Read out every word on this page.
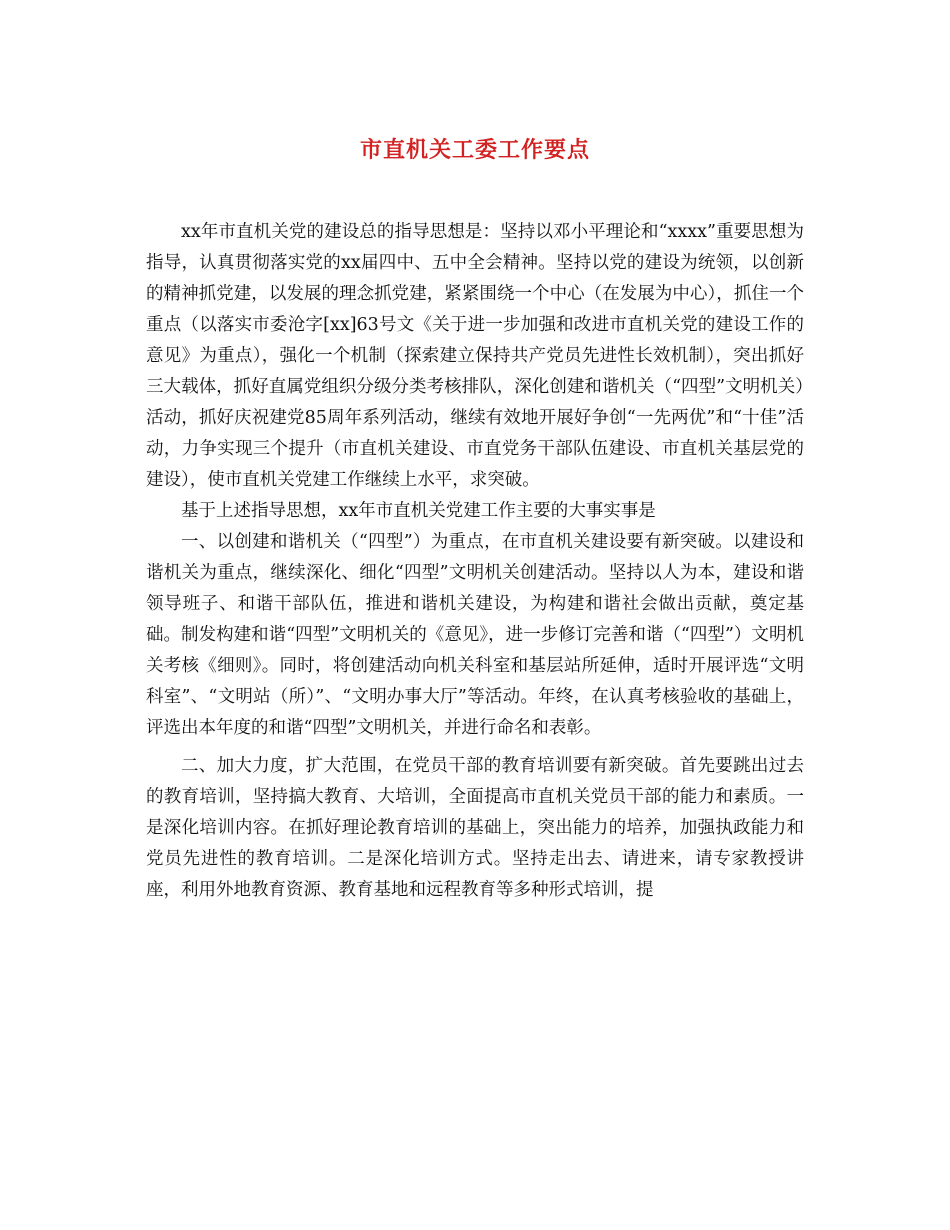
市直机关工委工作要点

xx年市直机关党的建设总的指导思想是：坚持以邓小平理论和“xxxx”重要思想为指导，认真贯彻落实党的xx届四中、五中全会精神。坚持以党的建设为统领，以创新的精神抓党建，以发展的理念抓党建，紧紧围绕一个中心（在发展为中心），抓住一个重点（以落实市委沧字[xx]63号文《关于进一步加强和改进市直机关党的建设工作的意见》为重点），强化一个机制（探索建立保持共产党员先进性长效机制），突出抓好三大载体，抓好直属党组织分级分类考核排队，深化创建和谐机关（“四型”文明机关）活动，抓好庆祝建党85周年系列活动，继续有效地开展好争创“一先两优”和“十佳”活动，力争实现三个提升（市直机关建设、市直党务干部队伍建设、市直机关基层党的建设），使市直机关党建工作继续上水平，求突破。

基于上述指导思想，xx年市直机关党建工作主要的大事实事是

一、以创建和谐机关（“四型”）为重点，在市直机关建设要有新突破。以建设和谐机关为重点，继续深化、细化“四型”文明机关创建活动。坚持以人为本，建设和谐领导班子、和谐干部队伍，推进和谐机关建设，为构建和谐社会做出贡献，奠定基础。制发构建和谐“四型”文明机关的《意见》，进一步修订完善和谐（“四型”）文明机关考核《细则》。同时，将创建活动向机关科室和基层站所延伸，适时开展评选“文明科室”、“文明站（所）”、“文明办事大厅”等活动。年终，在认真考核验收的基础上，评选出本年度的和谐“四型”文明机关，并进行命名和表彰。

二、加大力度，扩大范围，在党员干部的教育培训要有新突破。首先要跳出过去的教育培训，坚持搞大教育、大培训，全面提高市直机关党员干部的能力和素质。一是深化培训内容。在抓好理论教育培训的基础上，突出能力的培养，加强执政能力和党员先进性的教育培训。二是深化培训方式。坚持走出去、请进来，请专家教授讲座，利用外地教育资源、教育基地和远程教育等多种形式培训，提
